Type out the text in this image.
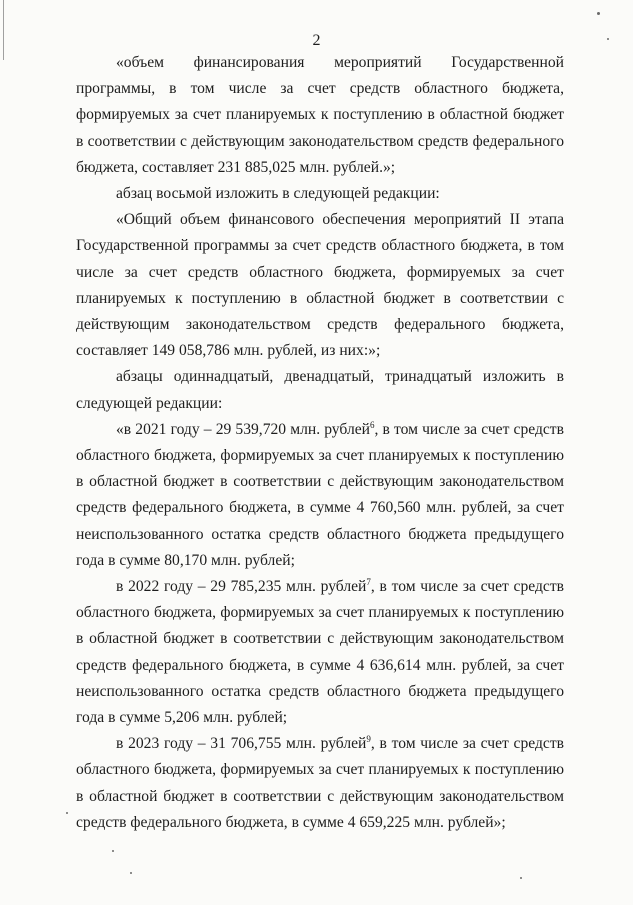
2

«объем финансирования мероприятий Государственной программы, в том числе за счет средств областного бюджета, формируемых за счет планируемых к поступлению в областной бюджет в соответствии с действующим законодательством средств федерального бюджета, составляет 231 885,025 млн. рублей.»;

абзац восьмой изложить в следующей редакции:

«Общий объем финансового обеспечения мероприятий II этапа Государственной программы за счет средств областного бюджета, в том числе за счет средств областного бюджета, формируемых за счет планируемых к поступлению в областной бюджет в соответствии с действующим законодательством средств федерального бюджета, составляет 149 058,786 млн. рублей, из них:»;

абзацы одиннадцатый, двенадцатый, тринадцатый изложить в следующей редакции:

«в 2021 году – 29 539,720 млн. рублей$^6$, в том числе за счет средств областного бюджета, формируемых за счет планируемых к поступлению в областной бюджет в соответствии с действующим законодательством средств федерального бюджета, в сумме 4 760,560 млн. рублей, за счет неиспользованного остатка средств областного бюджета предыдущего года в сумме 80,170 млн. рублей;

в 2022 году – 29 785,235 млн. рублей$^7$, в том числе за счет средств областного бюджета, формируемых за счет планируемых к поступлению в областной бюджет в соответствии с действующим законодательством средств федерального бюджета, в сумме 4 636,614 млн. рублей, за счет неиспользованного остатка средств областного бюджета предыдущего года в сумме 5,206 млн. рублей;

в 2023 году – 31 706,755 млн. рублей$^9$, в том числе за счет средств областного бюджета, формируемых за счет планируемых к поступлению в областной бюджет в соответствии с действующим законодательством средств федерального бюджета, в сумме 4 659,225 млн. рублей»;
